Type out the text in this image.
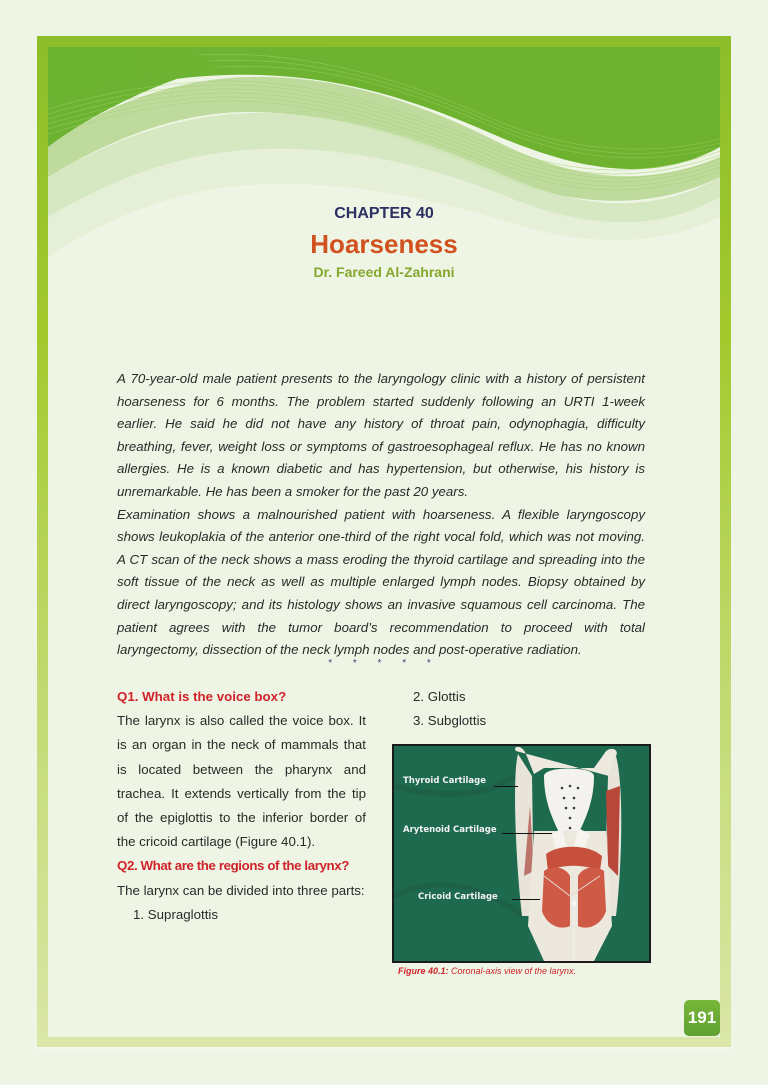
CHAPTER 40
Hoarseness
Dr. Fareed Al-Zahrani

A 70-year-old male patient presents to the laryngology clinic with a history of persistent hoarseness for 6 months. The problem started suddenly following an URTI 1-week earlier. He said he did not have any history of throat pain, odynophagia, difficulty breathing, fever, weight loss or symptoms of gastroesophageal reflux. He has no known allergies. He is a known diabetic and has hypertension, but otherwise, his history is unremarkable. He has been a smoker for the past 20 years.

Examination shows a malnourished patient with hoarseness. A flexible laryngoscopy shows leukoplakia of the anterior one-third of the right vocal fold, which was not moving. A CT scan of the neck shows a mass eroding the thyroid cartilage and spreading into the soft tissue of the neck as well as multiple enlarged lymph nodes. Biopsy obtained by direct laryngoscopy; and its histology shows an invasive squamous cell carcinoma. The patient agrees with the tumor board’s recommendation to proceed with total laryngectomy, dissection of the neck lymph nodes and post-operative radiation.

* * * * *
Q1. What is the voice box?

The larynx is also called the voice box. It is an organ in the neck of mammals that is located between the pharynx and trachea. It extends vertically from the tip of the epiglottis to the inferior border of the cricoid cartilage (Figure 40.1).

Q2. What are the regions of the larynx?

The larynx can be divided into three parts:

1. Supraglottis
2. Glottis
3. Subglottis
Thyroid Cartilage
Arytenoid Cartilage
Cricoid Cartilage
Figure 40.1: Coronal-axis view of the larynx.
191
